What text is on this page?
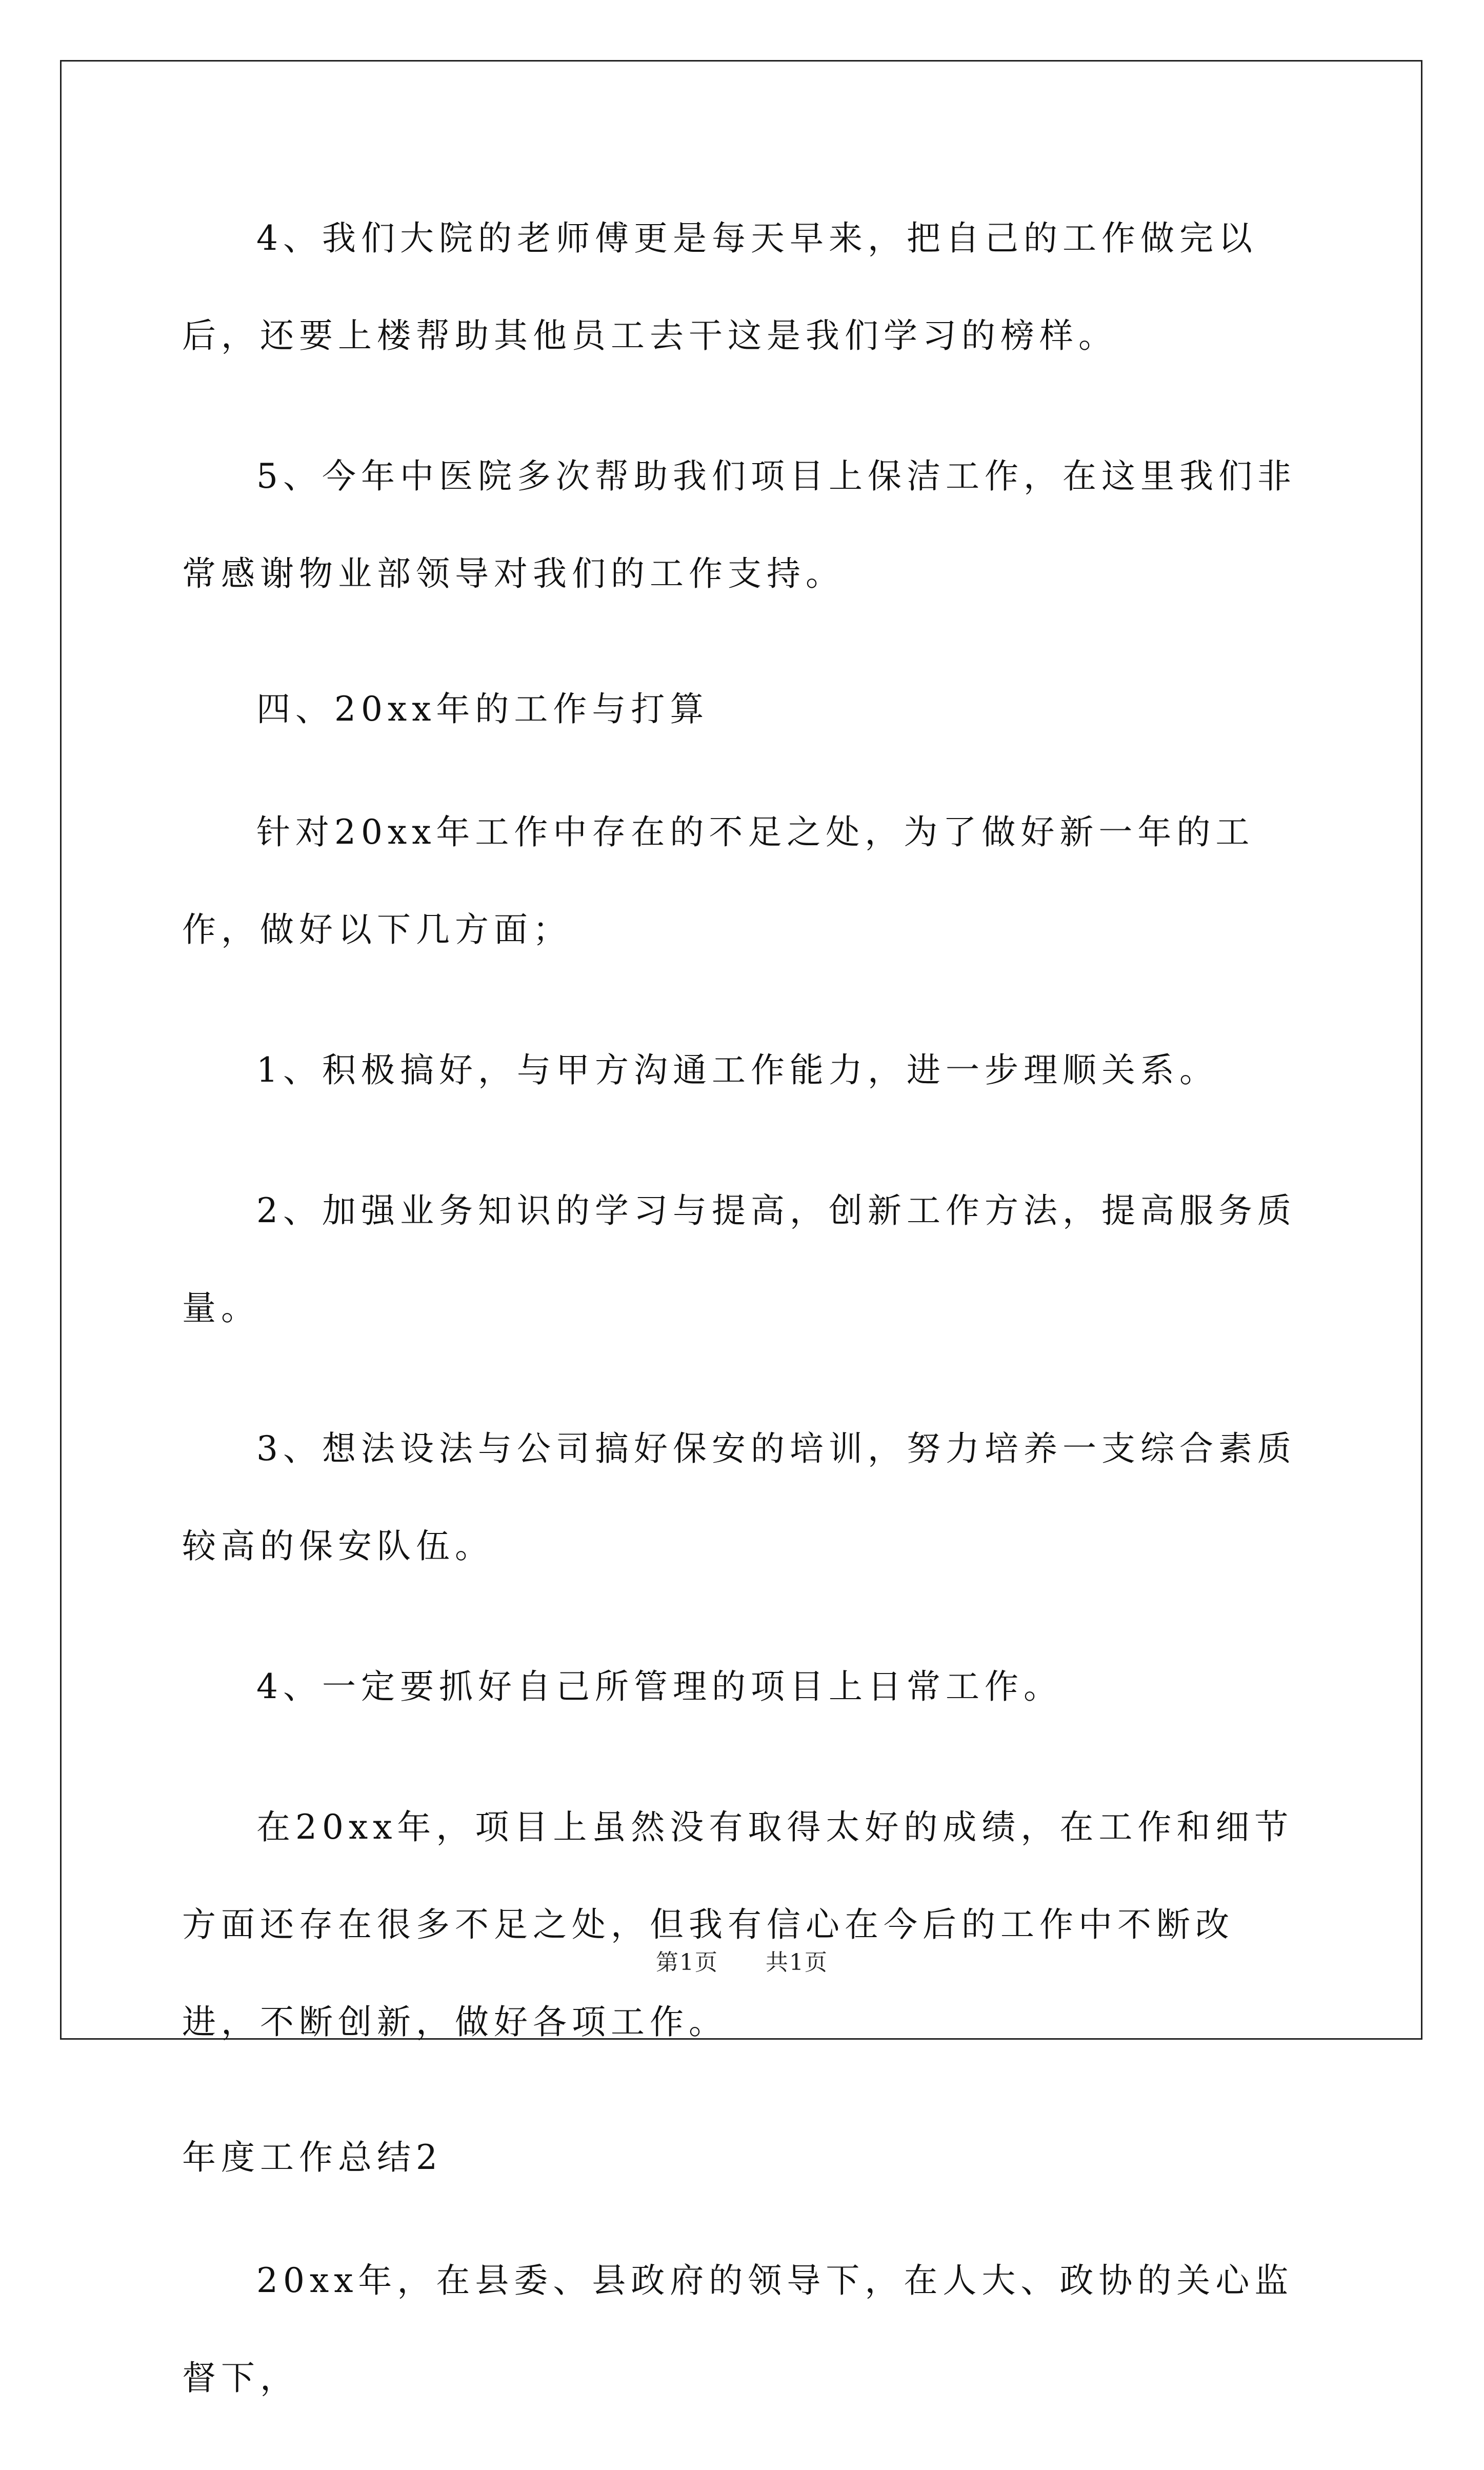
4、我们大院的老师傅更是每天早来，把自己的工作做完以后，还要上楼帮助其他员工去干这是我们学习的榜样。

5、今年中医院多次帮助我们项目上保洁工作，在这里我们非常感谢物业部领导对我们的工作支持。

四、20xx年的工作与打算

针对20xx年工作中存在的不足之处，为了做好新一年的工作，做好以下几方面；

1、积极搞好，与甲方沟通工作能力，进一步理顺关系。

2、加强业务知识的学习与提高，创新工作方法，提高服务质量。

3、想法设法与公司搞好保安的培训，努力培养一支综合素质较高的保安队伍。

4、一定要抓好自己所管理的项目上日常工作。

在20xx年，项目上虽然没有取得太好的成绩，在工作和细节方面还存在很多不足之处，但我有信心在今后的工作中不断改进，不断创新，做好各项工作。

年度工作总结2

20xx年，在县委、县政府的领导下，在人大、政协的关心监督下，

第1页 共1页
